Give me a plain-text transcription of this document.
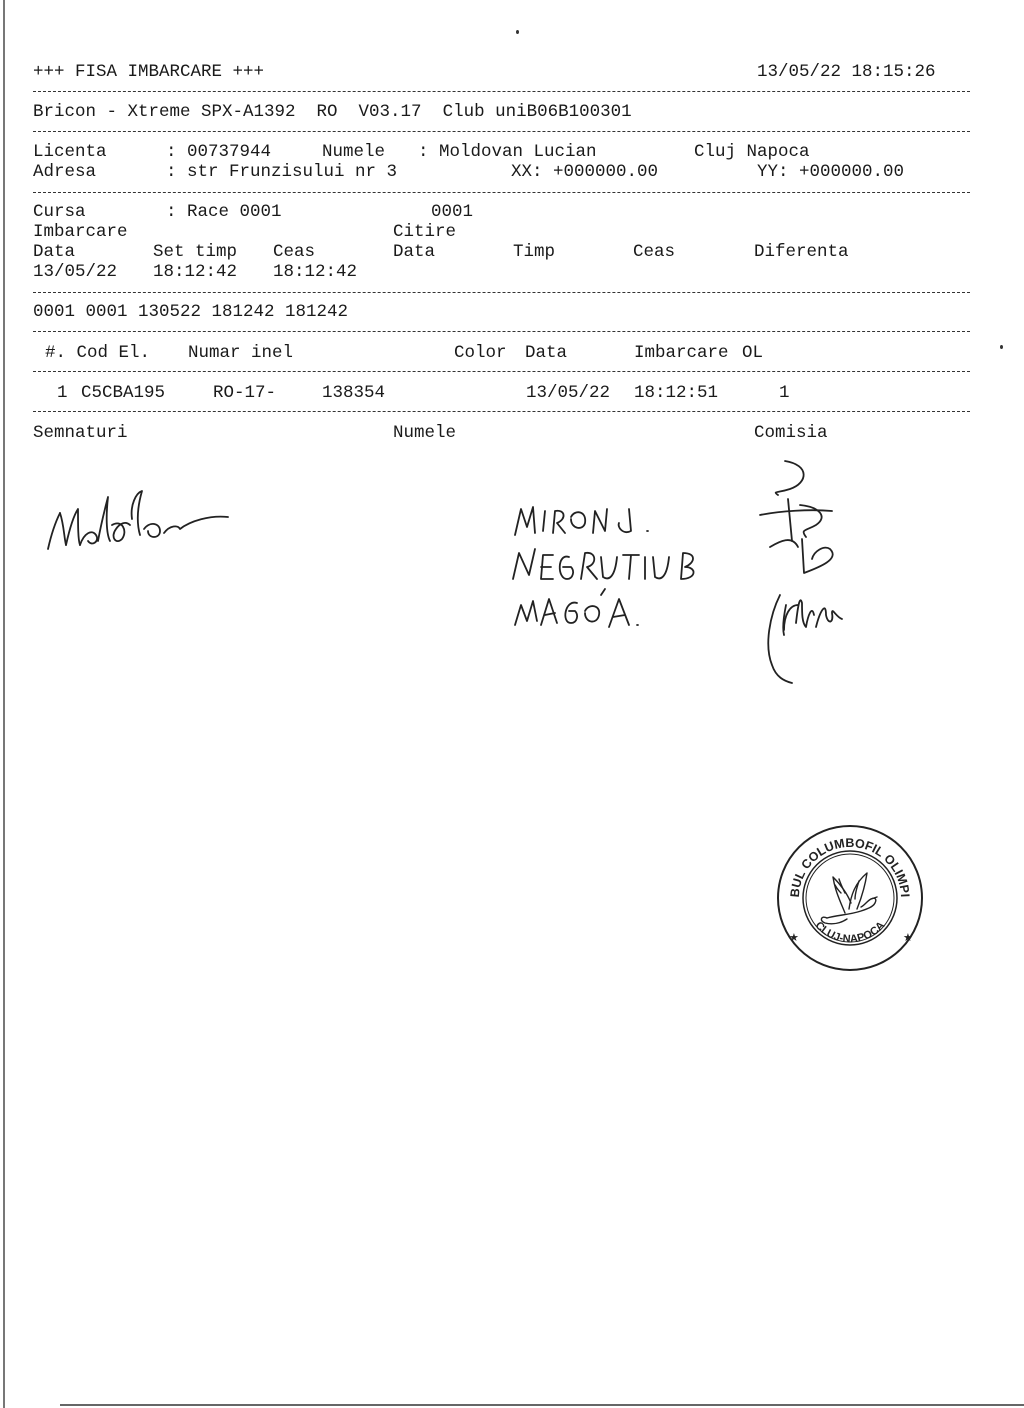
+++ FISA IMBARCARE +++	13/05/22 18:15:26
Bricon - Xtreme SPX-A1392  RO  V03.17  Club uniB06B100301
Licenta	: 00737944	Numele : Moldovan Lucian	Cluj Napoca
Adresa	: str Frunzisului nr 3	XX: +000000.00	YY: +000000.00
Cursa	: Race 0001	0001
Imbarcare	Citire
Data	Set timp Ceas	Data	Timp	Ceas	Diferenta
13/05/22 18:12:42 18:12:42
0001 0001 130522 181242 181242
#. Cod El. Numar inel	Color Data	Imbarcare OL
1 C5CBA195	RO-17-	138354	13/05/22 18:12:51	1
Semnaturi	Numele	Comisia
BUL COLUMBOFIL OLIMPI
CLUJ-NAPOCA
★	★
